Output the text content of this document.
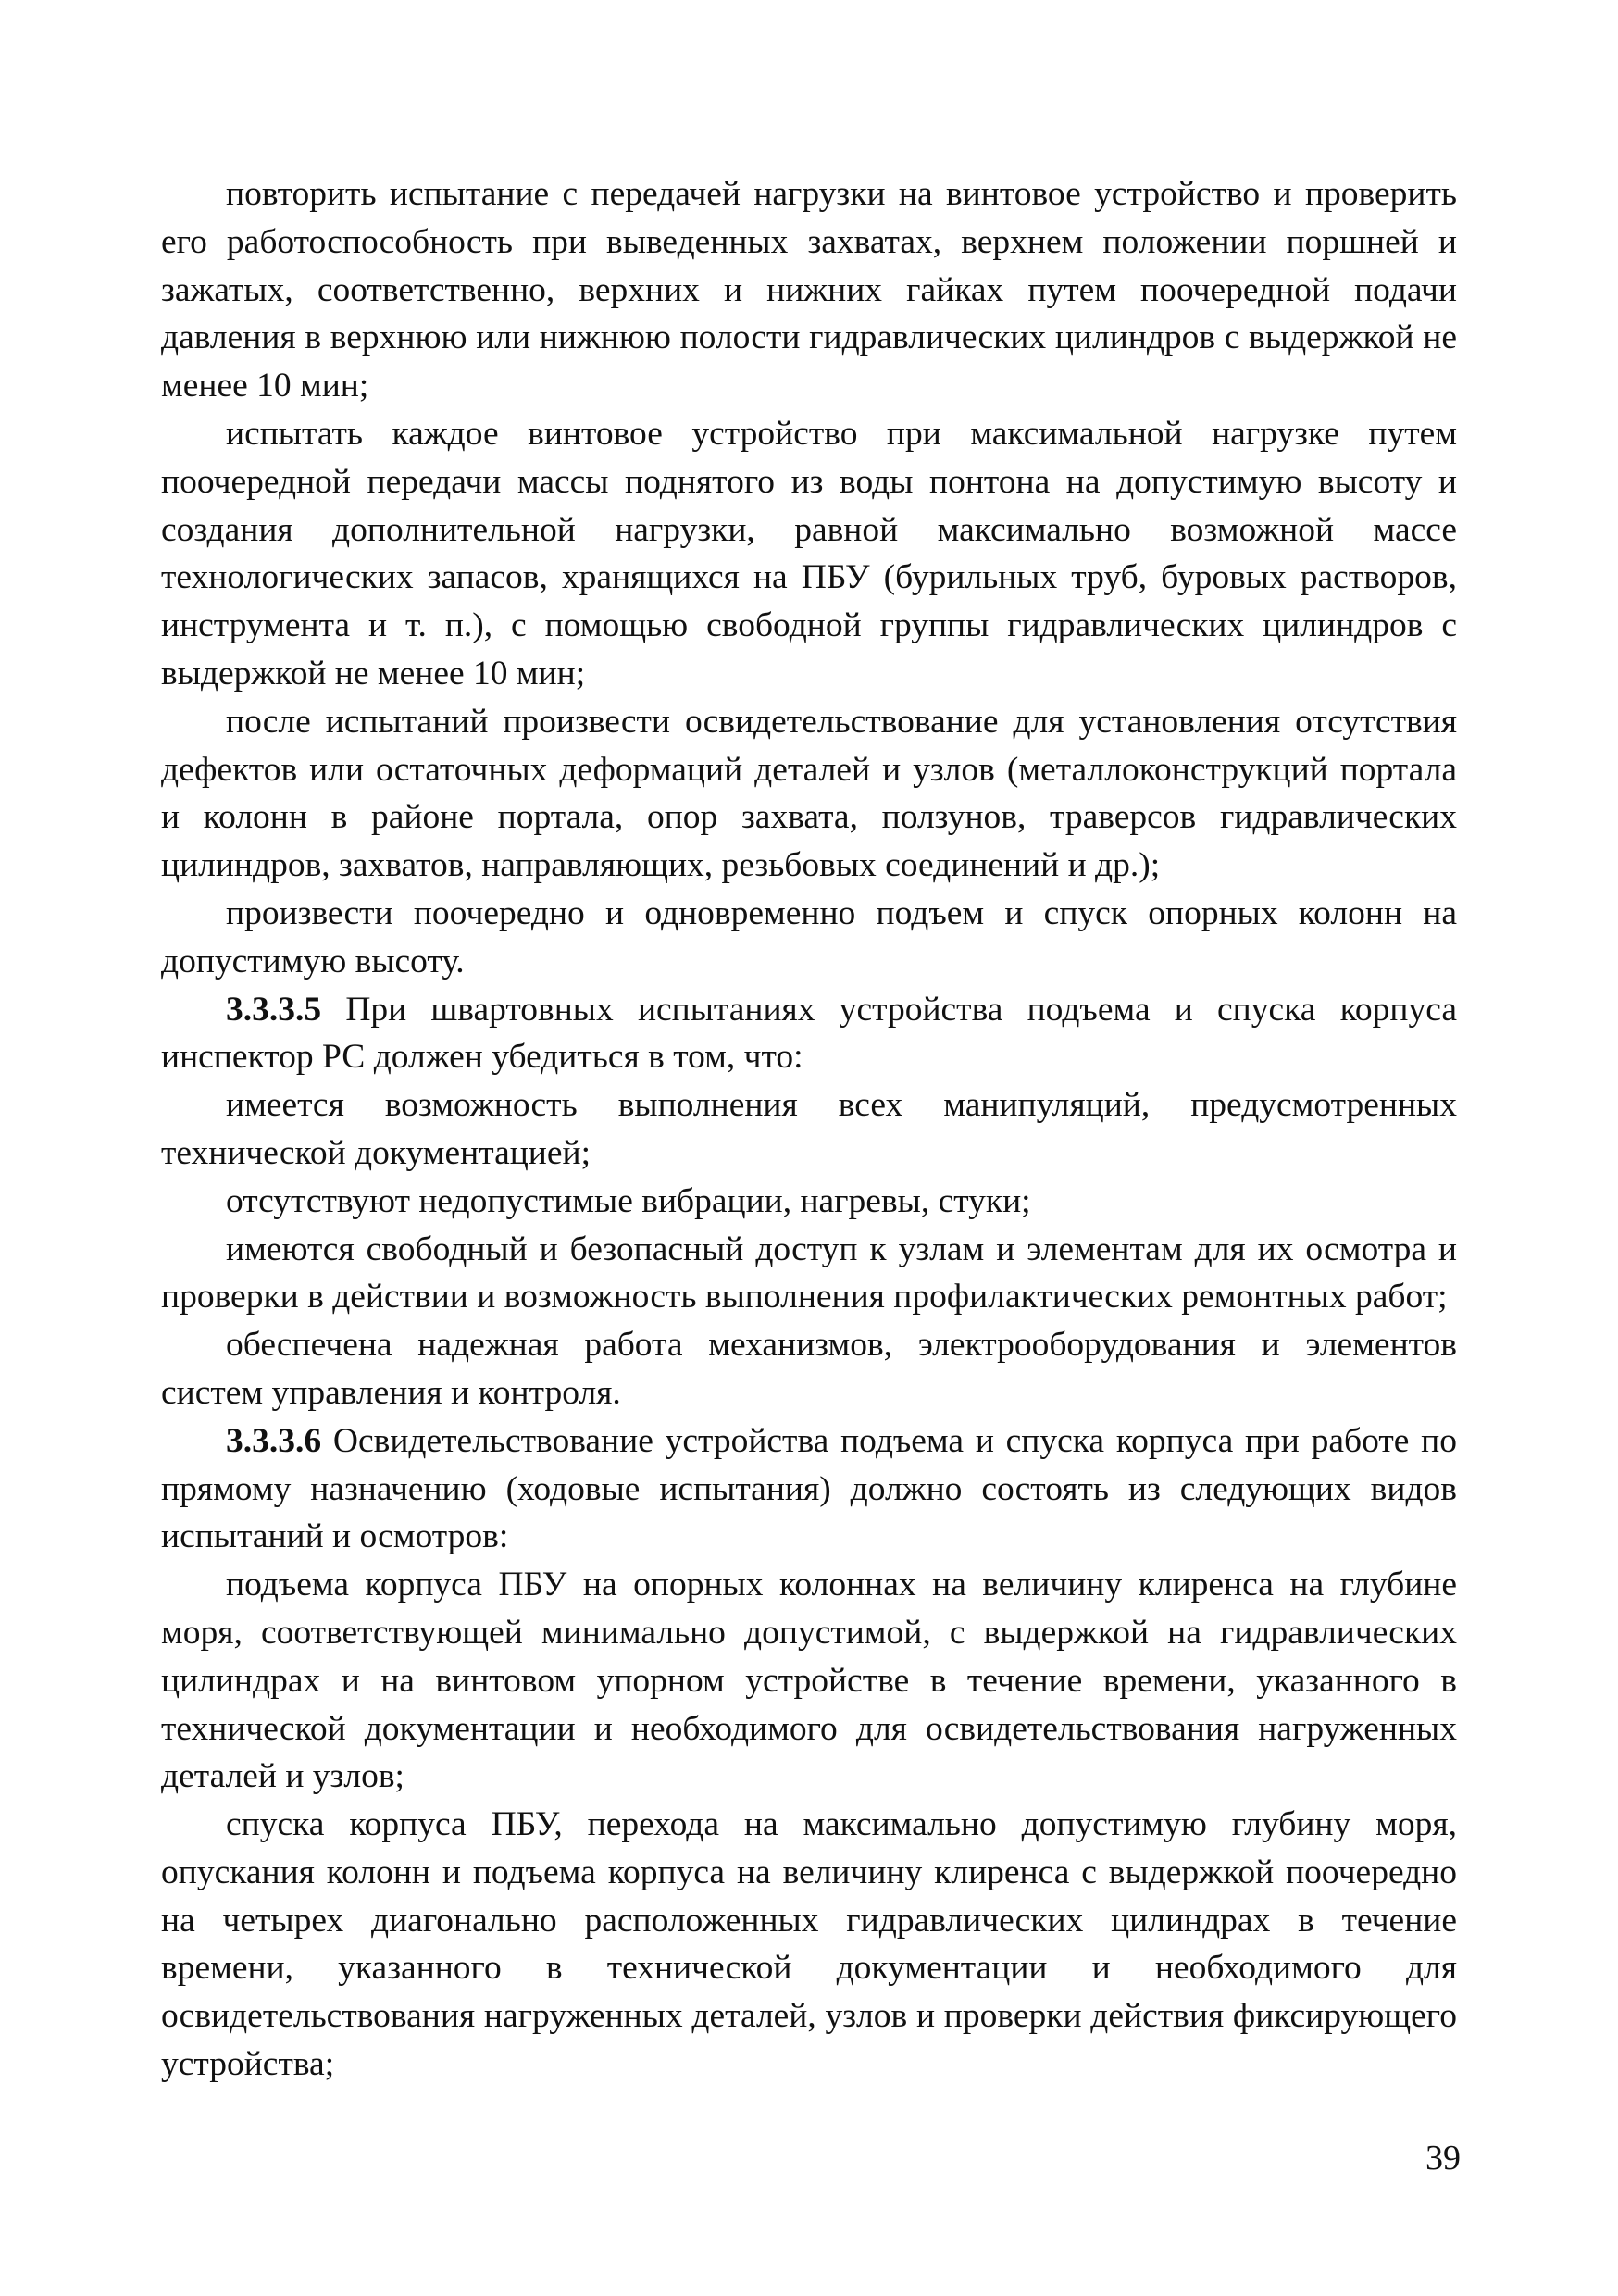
повторить испытание с передачей нагрузки на винтовое устройство и проверить его работоспособность при выведенных захватах, верхнем положении поршней и зажатых, соответственно, верхних и нижних гайках путем поочередной подачи давления в верхнюю или нижнюю полости гидравлических цилиндров с выдержкой не менее 10 мин;

испытать каждое винтовое устройство при максимальной нагрузке путем поочередной передачи массы поднятого из воды понтона на допустимую высоту и создания дополнительной нагрузки, равной максимально возможной массе технологических запасов, хранящихся на ПБУ (бурильных труб, буровых растворов, инструмента и т. п.), с помощью свободной группы гидравлических цилиндров с выдержкой не менее 10 мин;

после испытаний произвести освидетельствование для установления отсутствия дефектов или остаточных деформаций деталей и узлов (металлоконструкций портала и колонн в районе портала, опор захвата, ползунов, траверсов гидравлических цилиндров, захватов, направляющих, резьбовых соединений и др.);

произвести поочередно и одновременно подъем и спуск опорных колонн на допустимую высоту.

3.3.3.5 При швартовных испытаниях устройства подъема и спуска корпуса инспектор РС должен убедиться в том, что:

имеется возможность выполнения всех манипуляций, предусмотренных технической документацией;

отсутствуют недопустимые вибрации, нагревы, стуки;

имеются свободный и безопасный доступ к узлам и элементам для их осмотра и проверки в действии и возможность выполнения профилактических ремонтных работ;

обеспечена надежная работа механизмов, электрооборудования и элементов систем управления и контроля.

3.3.3.6 Освидетельствование устройства подъема и спуска корпуса при работе по прямому назначению (ходовые испытания) должно состоять из следующих видов испытаний и осмотров:

подъема корпуса ПБУ на опорных колоннах на величину клиренса на глубине моря, соответствующей минимально допустимой, с выдержкой на гидравлических цилиндрах и на винтовом упорном устройстве в течение времени, указанного в технической документации и необходимого для освидетельствования нагруженных деталей и узлов;

спуска корпуса ПБУ, перехода на максимально допустимую глубину моря, опускания колонн и подъема корпуса на величину клиренса с выдержкой поочередно на четырех диагонально расположенных гидравлических цилиндрах в течение времени, указанного в технической документации и необходимого для освидетельствования нагруженных деталей, узлов и проверки действия фиксирующего устройства;

39
